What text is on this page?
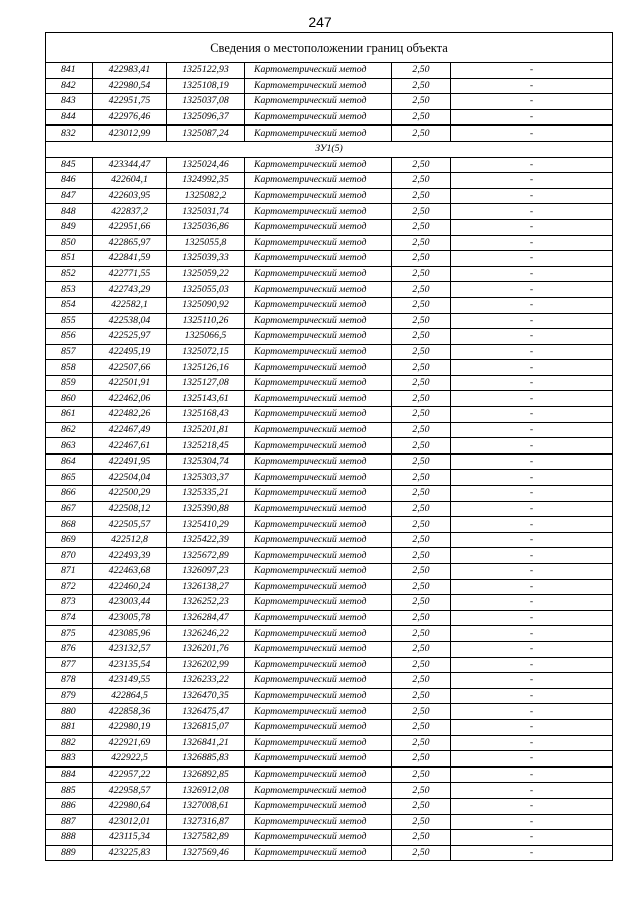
247
Сведения о местоположении границ объекта					
841	422983,41	1325122,93	Картометрический метод	2,50	-
842	422980,54	1325108,19	Картометрический метод	2,50	-
843	422951,75	1325037,08	Картометрический метод	2,50	-
844	422976,46	1325096,37	Картометрический метод	2,50	-
832	423012,99	1325087,24	Картометрический метод	2,50	-
ЗУ1(5)					
845	423344,47	1325024,46	Картометрический метод	2,50	-
846	422604,1	1324992,35	Картометрический метод	2,50	-
847	422603,95	1325082,2	Картометрический метод	2,50	-
848	422837,2	1325031,74	Картометрический метод	2,50	-
849	422951,66	1325036,86	Картометрический метод	2,50	-
850	422865,97	1325055,8	Картометрический метод	2,50	-
851	422841,59	1325039,33	Картометрический метод	2,50	-
852	422771,55	1325059,22	Картометрический метод	2,50	-
853	422743,29	1325055,03	Картометрический метод	2,50	-
854	422582,1	1325090,92	Картометрический метод	2,50	-
855	422538,04	1325110,26	Картометрический метод	2,50	-
856	422525,97	1325066,5	Картометрический метод	2,50	-
857	422495,19	1325072,15	Картометрический метод	2,50	-
858	422507,66	1325126,16	Картометрический метод	2,50	-
859	422501,91	1325127,08	Картометрический метод	2,50	-
860	422462,06	1325143,61	Картометрический метод	2,50	-
861	422482,26	1325168,43	Картометрический метод	2,50	-
862	422467,49	1325201,81	Картометрический метод	2,50	-
863	422467,61	1325218,45	Картометрический метод	2,50	-
864	422491,95	1325304,74	Картометрический метод	2,50	-
865	422504,04	1325303,37	Картометрический метод	2,50	-
866	422500,29	1325335,21	Картометрический метод	2,50	-
867	422508,12	1325390,88	Картометрический метод	2,50	-
868	422505,57	1325410,29	Картометрический метод	2,50	-
869	422512,8	1325422,39	Картометрический метод	2,50	-
870	422493,39	1325672,89	Картометрический метод	2,50	-
871	422463,68	1326097,23	Картометрический метод	2,50	-
872	422460,24	1326138,27	Картометрический метод	2,50	-
873	423003,44	1326252,23	Картометрический метод	2,50	-
874	423005,78	1326284,47	Картометрический метод	2,50	-
875	423085,96	1326246,22	Картометрический метод	2,50	-
876	423132,57	1326201,76	Картометрический метод	2,50	-
877	423135,54	1326202,99	Картометрический метод	2,50	-
878	423149,55	1326233,22	Картометрический метод	2,50	-
879	422864,5	1326470,35	Картометрический метод	2,50	-
880	422858,36	1326475,47	Картометрический метод	2,50	-
881	422980,19	1326815,07	Картометрический метод	2,50	-
882	422921,69	1326841,21	Картометрический метод	2,50	-
883	422922,5	1326885,83	Картометрический метод	2,50	-
884	422957,22	1326892,85	Картометрический метод	2,50	-
885	422958,57	1326912,08	Картометрический метод	2,50	-
886	422980,64	1327008,61	Картометрический метод	2,50	-
887	423012,01	1327316,87	Картометрический метод	2,50	-
888	423115,34	1327582,89	Картометрический метод	2,50	-
889	423225,83	1327569,46	Картометрический метод	2,50	-
